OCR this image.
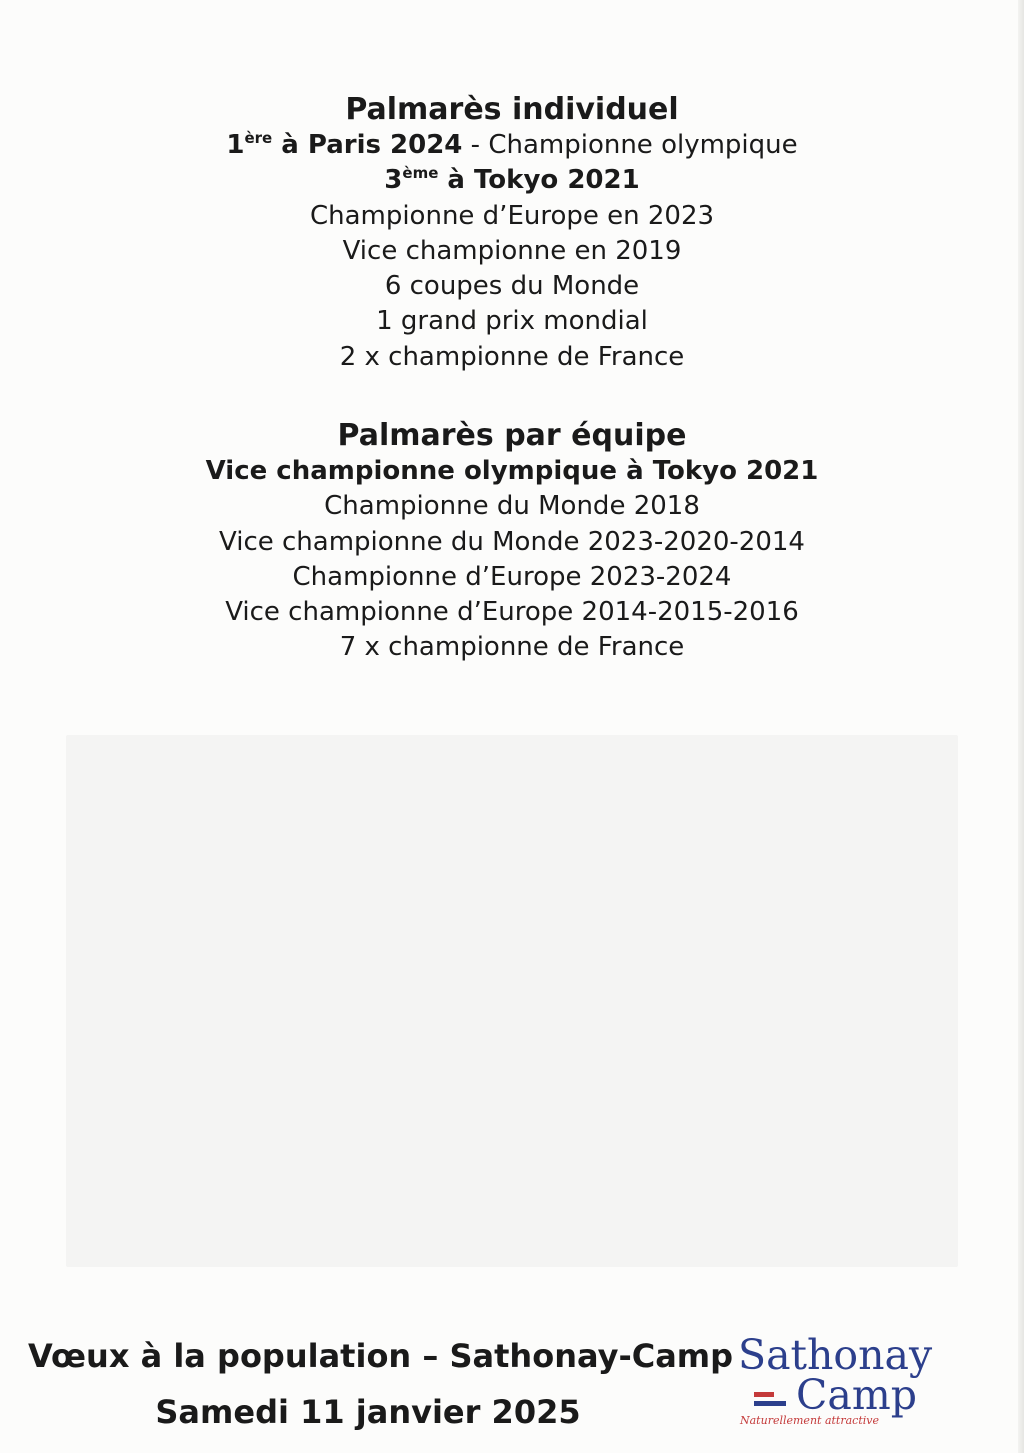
Palmarès individuel

1ère à Paris 2024 - Championne olympique

3ème à Tokyo 2021

Championne d’Europe en 2023

Vice championne en 2019

6 coupes du Monde

1 grand prix mondial

2 x championne de France

Palmarès par équipe

Vice championne olympique à Tokyo 2021

Championne du Monde 2018

Vice championne du Monde 2023-2020-2014

Championne d’Europe 2023-2024

Vice championne d’Europe 2014-2015-2016

7 x championne de France

Vœux à la population – Sathonay-Camp
Samedi 11 janvier 2025
Sathonay
Camp
Naturellement attractive
